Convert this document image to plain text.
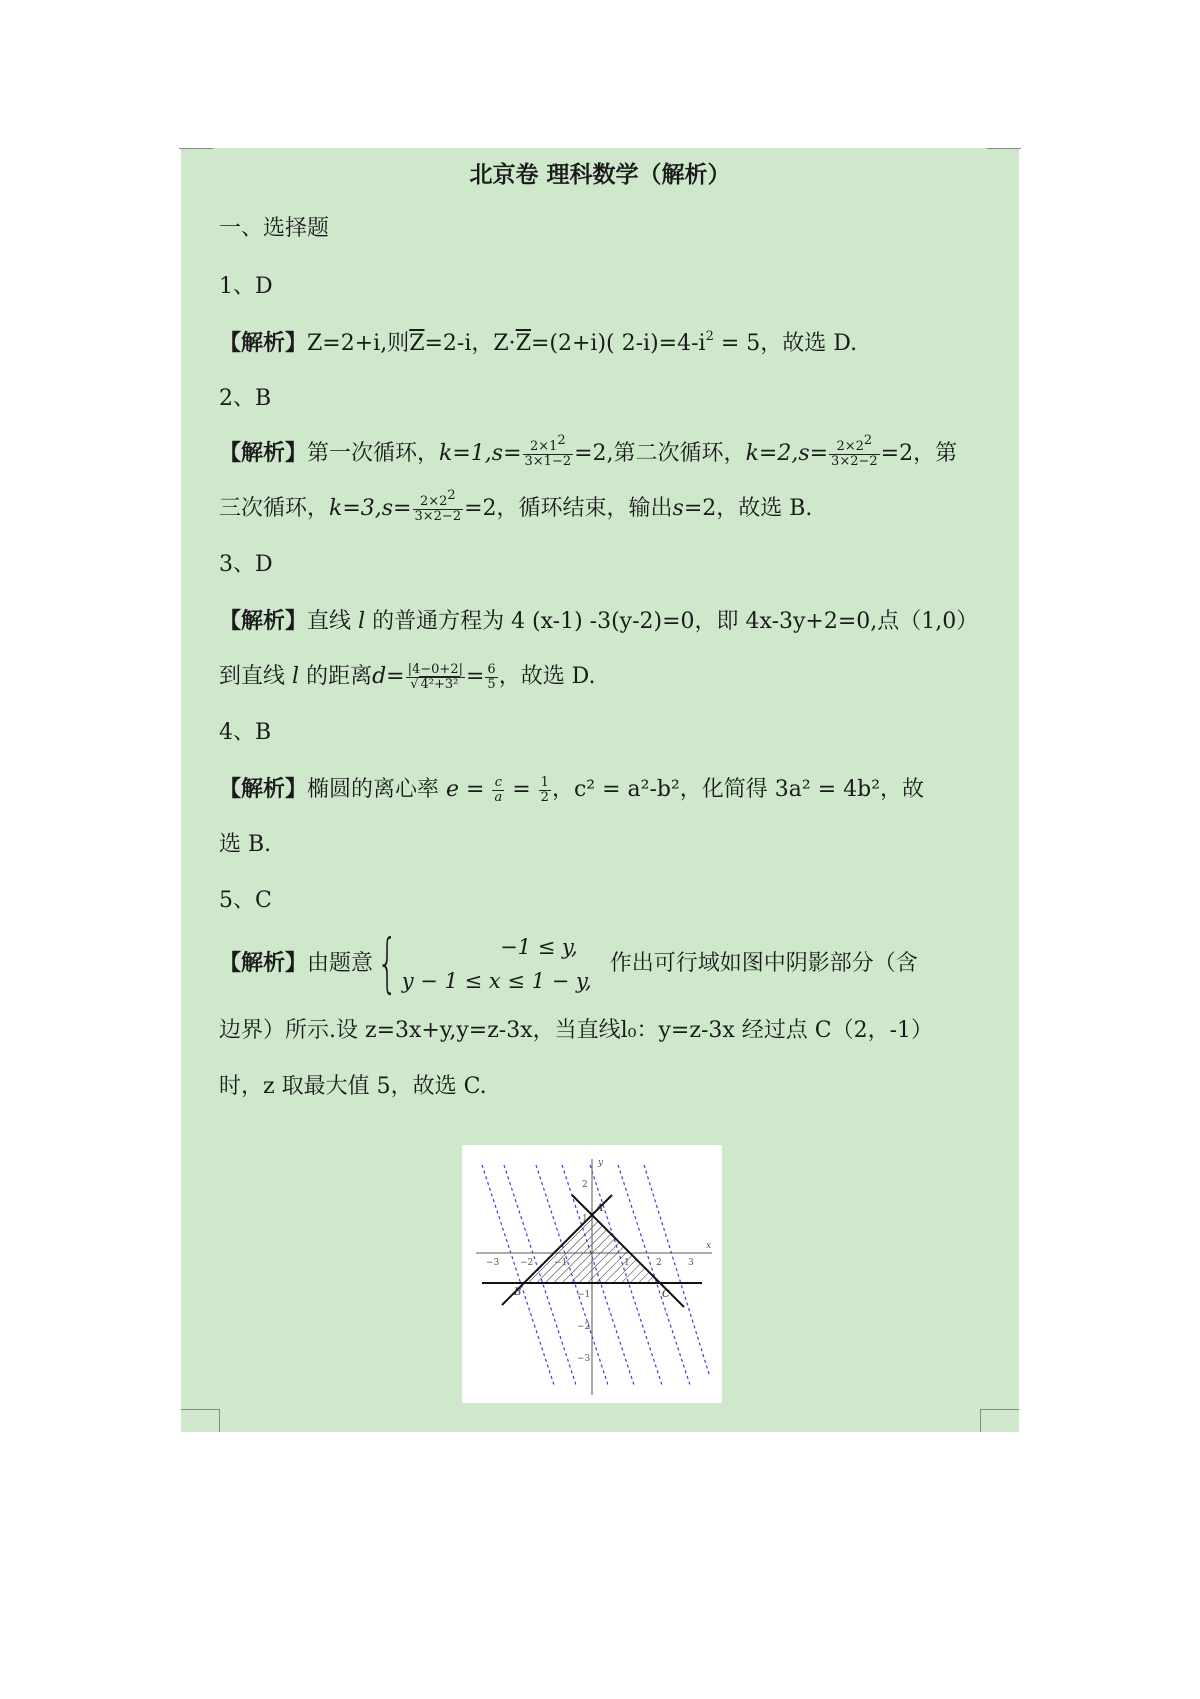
北京卷 理科数学（解析）
一、选择题
1、D
【解析】Z=2+i,则$\overline{Z}=2-i$，$Z\cdot\overline{Z}=(2+i)$( $2-i)=4-i^2 = 5$，故选 D.
2、B
【解析】第一次循环，$k=1,s= \frac{2\times 1^2}{3\times 1-2} =2$,第二次循环，$k=2,s= \frac{2\times 2^2}{3\times 2-2} =2$，第
三次循环，$k=3,s= \frac{2\times 2^2}{3\times 2-2} =2$，循环结束，输出s=2，故选 B.
3、D
【解析】直线 l 的普通方程为 4 (x-1) -3(y-2)=0，即 4x-3y+2=0,点（1,0）
到直线 l 的距离$d= \frac{|4-0+2|}{\text{√ 4²+3²}} = \frac{6}{5}$ ，故选 D.
4、B
【解析】椭圆的离心率 $e = \frac{c}{a} = \frac{1}{2}$ ，c² = a²-b²，化简得 3a² = 4b²，故
选 B.
5、C
【解析】由题意{	−1 ≤ y,
y − 1 ≤ x ≤ 1 − y,
作出可行域如图中阴影部分（含
边界）所示.设 z=3x+y,y=z-3x，当直线l₀：y=z-3x 经过点 C（2，-1）
时，z 取最大值 5，故选 C.
x
y
−3 −2 −1	1	2	3
2
1
−1
−2
−3
A
B	C
